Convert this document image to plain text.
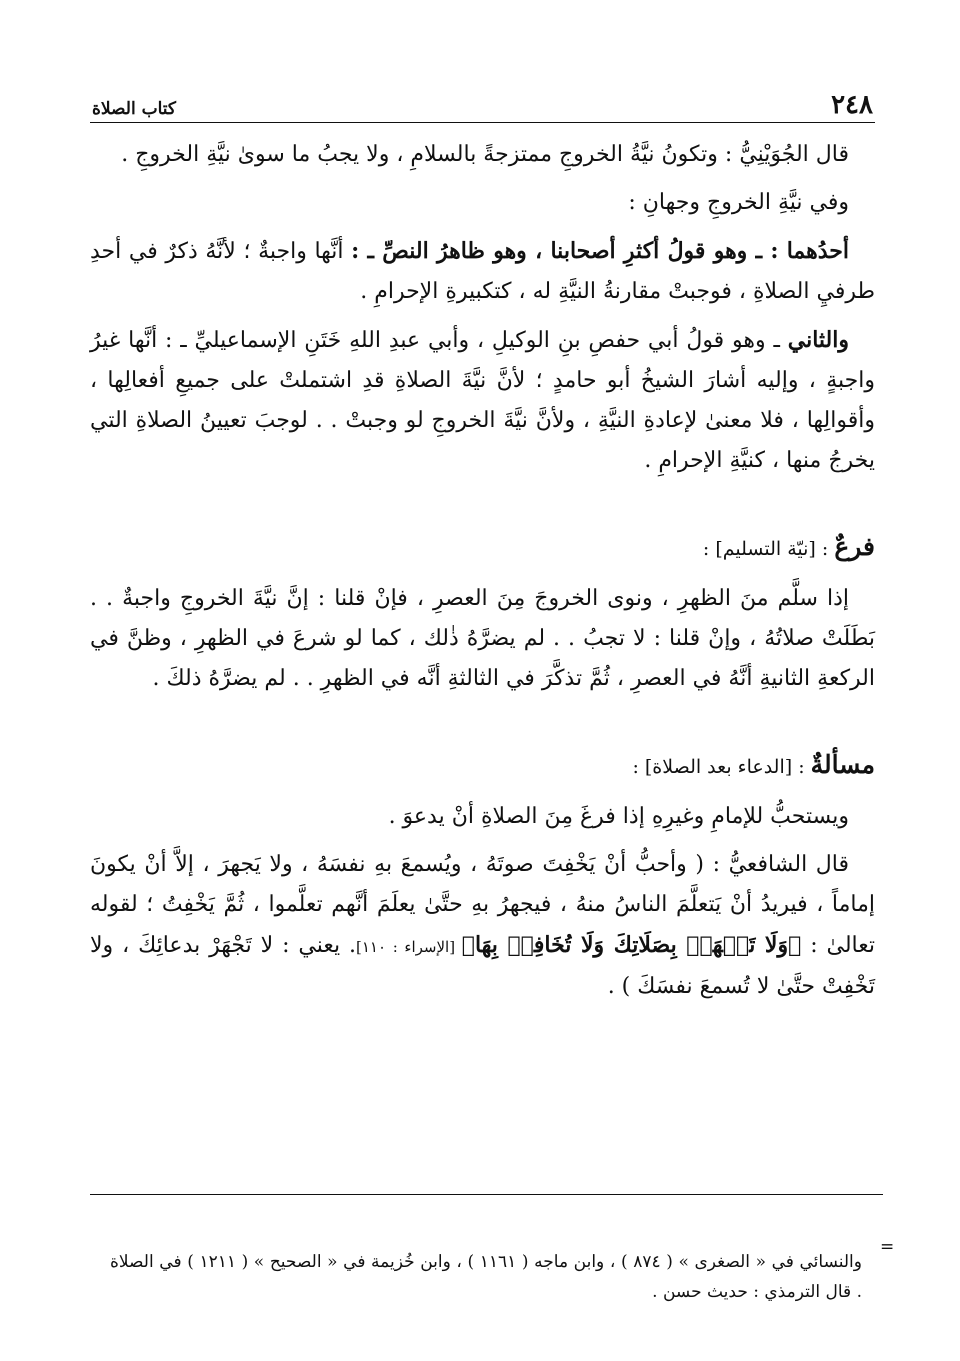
٢٤٨
كتاب الصلاة

قال الجُوَيْنِيُّ : وتكونُ نيَّةُ الخروجِ ممتزجةً بالسلامِ ، ولا يجبُ ما سوىٰ نيَّةِ الخروجِ .

وفي نيَّةِ الخروجِ وجهانِ :

أحدُهما : ـ وهو قولُ أكثرِ أصحابنا ، وهو ظاهرُ النصِّ ـ : أنَّها واجبةٌ ؛ لأنَّهُ ذكرٌ في أحدِ طرفيِ الصلاةِ ، فوجبتْ مقارنةُ النيَّةِ له ، كتكبيرةِ الإحرامِ .

والثاني ـ وهو قولُ أبي حفصِ بنِ الوكيلِ ، وأبي عبدِ اللهِ خَتَنِ الإسماعيليِّ ـ : أنَّها غيرُ واجبةٍ ، وإليه أشارَ الشيخُ أبو حامدٍ ؛ لأنَّ نيَّةَ الصلاةِ قدِ اشتملتْ على جميعِ أفعالِها ، وأقوالِها ، فلا معنىٰ لإعادةِ النيَّةِ ، ولأنَّ نيَّةَ الخروجِ لو وجبتْ . . لوجبَ تعيينُ الصلاةِ التي يخرجُ منها ، كنيَّةِ الإحرامِ .

فرعٌ : [نيّة التسليم] :

إذا سلَّم منَ الظهرِ ، ونوى الخروجَ مِنَ العصرِ ، فإنْ قلنا : إنَّ نيَّةَ الخروجِ واجبةٌ . . بَطَلَتْ صلاتُهُ ، وإنْ قلنا : لا تجبُ . . لم يضرَّهُ ذٰلك ، كما لو شرعَ في الظهرِ ، وظنَّ في الركعةِ الثانيةِ أنَّهُ في العصرِ ، ثُمَّ تذكَّرَ في الثالثةِ أنَّه في الظهرِ . . لم يضرَّهُ ذلكَ .

مسألةٌ : [الدعاء بعد الصلاة] :

ويستحبُّ للإمامِ وغيرِهِ إذا فرغَ مِنَ الصلاةِ أنْ يدعوَ .

قال الشافعيُّ : ( وأحبُّ أنْ يَخْفِتَ صوتَهُ ، ويُسمعَ بهِ نفسَهُ ، ولا يَجهرَ ، إلاَّ أنْ يكونَ إماماً ، فيريدُ أنْ يَتعلَّمَ الناسُ منهُ ، فيجهرُ بهِ حتَّىٰ يعلَمَ أنَّهم تعلَّموا ، ثُمَّ يَخْفِتُ ؛ لقوله تعالىٰ : ﴿وَلَا تَجۡهَرۡ بِصَلَاتِكَ وَلَا تُخَافِتۡ بِهَا﴾ [الإسراء : ١١٠]. يعني : لا تَجْهَرْ بدعائِكَ ، ولا تَخْفِتْ حتَّىٰ لا تُسمعَ نفسَكَ ) .

=

والنسائي في « الصغرى » ( ٨٧٤ ) ، وابن ماجه ( ١١٦١ ) ، وابن خُزيمة في « الصحيح » ( ١٢١١ ) في الصلاة . قال الترمذي : حديث حسن .
